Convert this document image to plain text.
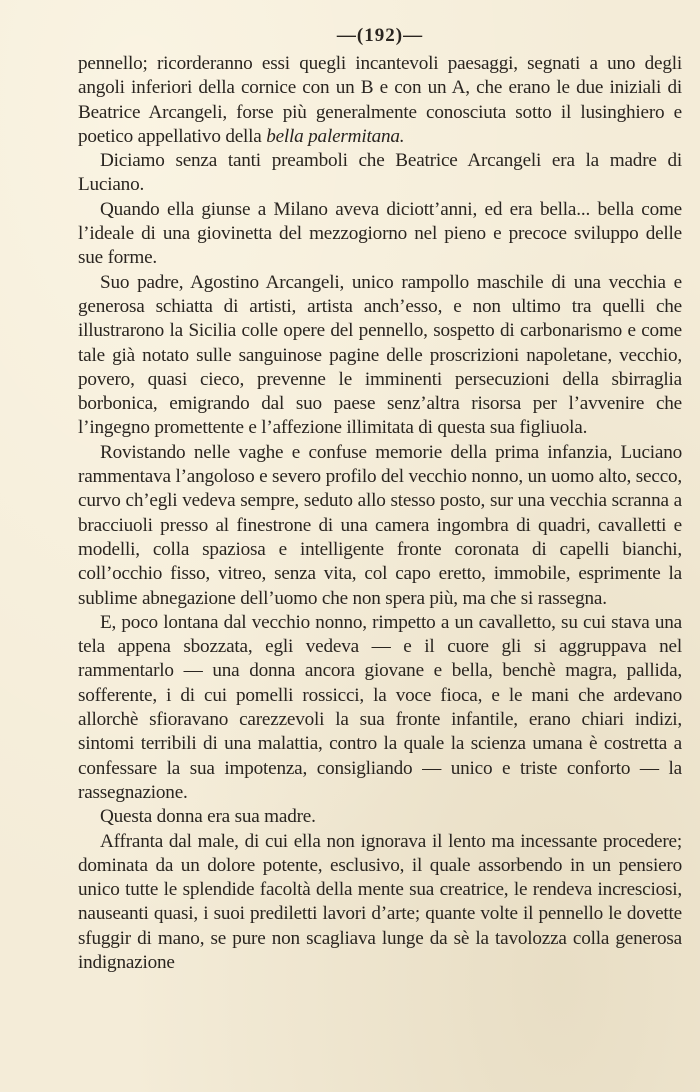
—(192)—

pennello; ricorderanno essi quegli incantevoli paesaggi, segnati a uno degli angoli inferiori della cornice con un B e con un A, che erano le due iniziali di Beatrice Arcangeli, forse più generalmente conosciuta sotto il lusinghiero e poetico appellativo della bella palermitana.

Diciamo senza tanti preamboli che Beatrice Arcangeli era la madre di Luciano.

Quando ella giunse a Milano aveva diciott’anni, ed era bella... bella come l’ideale di una giovinetta del mezzogiorno nel pieno e precoce sviluppo delle sue forme.

Suo padre, Agostino Arcangeli, unico rampollo maschile di una vecchia e generosa schiatta di artisti, artista anch’esso, e non ultimo tra quelli che illustrarono la Sicilia colle opere del pennello, sospetto di carbonarismo e come tale già notato sulle sanguinose pagine delle proscrizioni napoletane, vecchio, povero, quasi cieco, prevenne le imminenti persecuzioni della sbirraglia borbonica, emigrando dal suo paese senz’altra risorsa per l’avvenire che l’ingegno promettente e l’affezione illimitata di questa sua figliuola.

Rovistando nelle vaghe e confuse memorie della prima infanzia, Luciano rammentava l’angoloso e severo profilo del vecchio nonno, un uomo alto, secco, curvo ch’egli vedeva sempre, seduto allo stesso posto, sur una vecchia scranna a bracciuoli presso al finestrone di una camera ingombra di quadri, cavalletti e modelli, colla spaziosa e intelligente fronte coronata di capelli bianchi, coll’occhio fisso, vitreo, senza vita, col capo eretto, immobile, esprimente la sublime abnegazione dell’uomo che non spera più, ma che si rassegna.

E, poco lontana dal vecchio nonno, rimpetto a un cavalletto, su cui stava una tela appena sbozzata, egli vedeva — e il cuore gli si aggruppava nel rammentarlo — una donna ancora giovane e bella, benchè magra, pallida, sofferente, i di cui pomelli rossicci, la voce fioca, e le mani che ardevano allorchè sfioravano carezzevoli la sua fronte infantile, erano chiari indizi, sintomi terribili di una malattia, contro la quale la scienza umana è costretta a confessare la sua impotenza, consigliando — unico e triste conforto — la rassegnazione.

Questa donna era sua madre.

Affranta dal male, di cui ella non ignorava il lento ma incessante procedere; dominata da un dolore potente, esclusivo, il quale assorbendo in un pensiero unico tutte le splendide facoltà della mente sua creatrice, le rendeva incresciosi, nauseanti quasi, i suoi prediletti lavori d’arte; quante volte il pennello le dovette sfuggir di mano, se pure non scagliava lunge da sè la tavolozza colla generosa indignazione
